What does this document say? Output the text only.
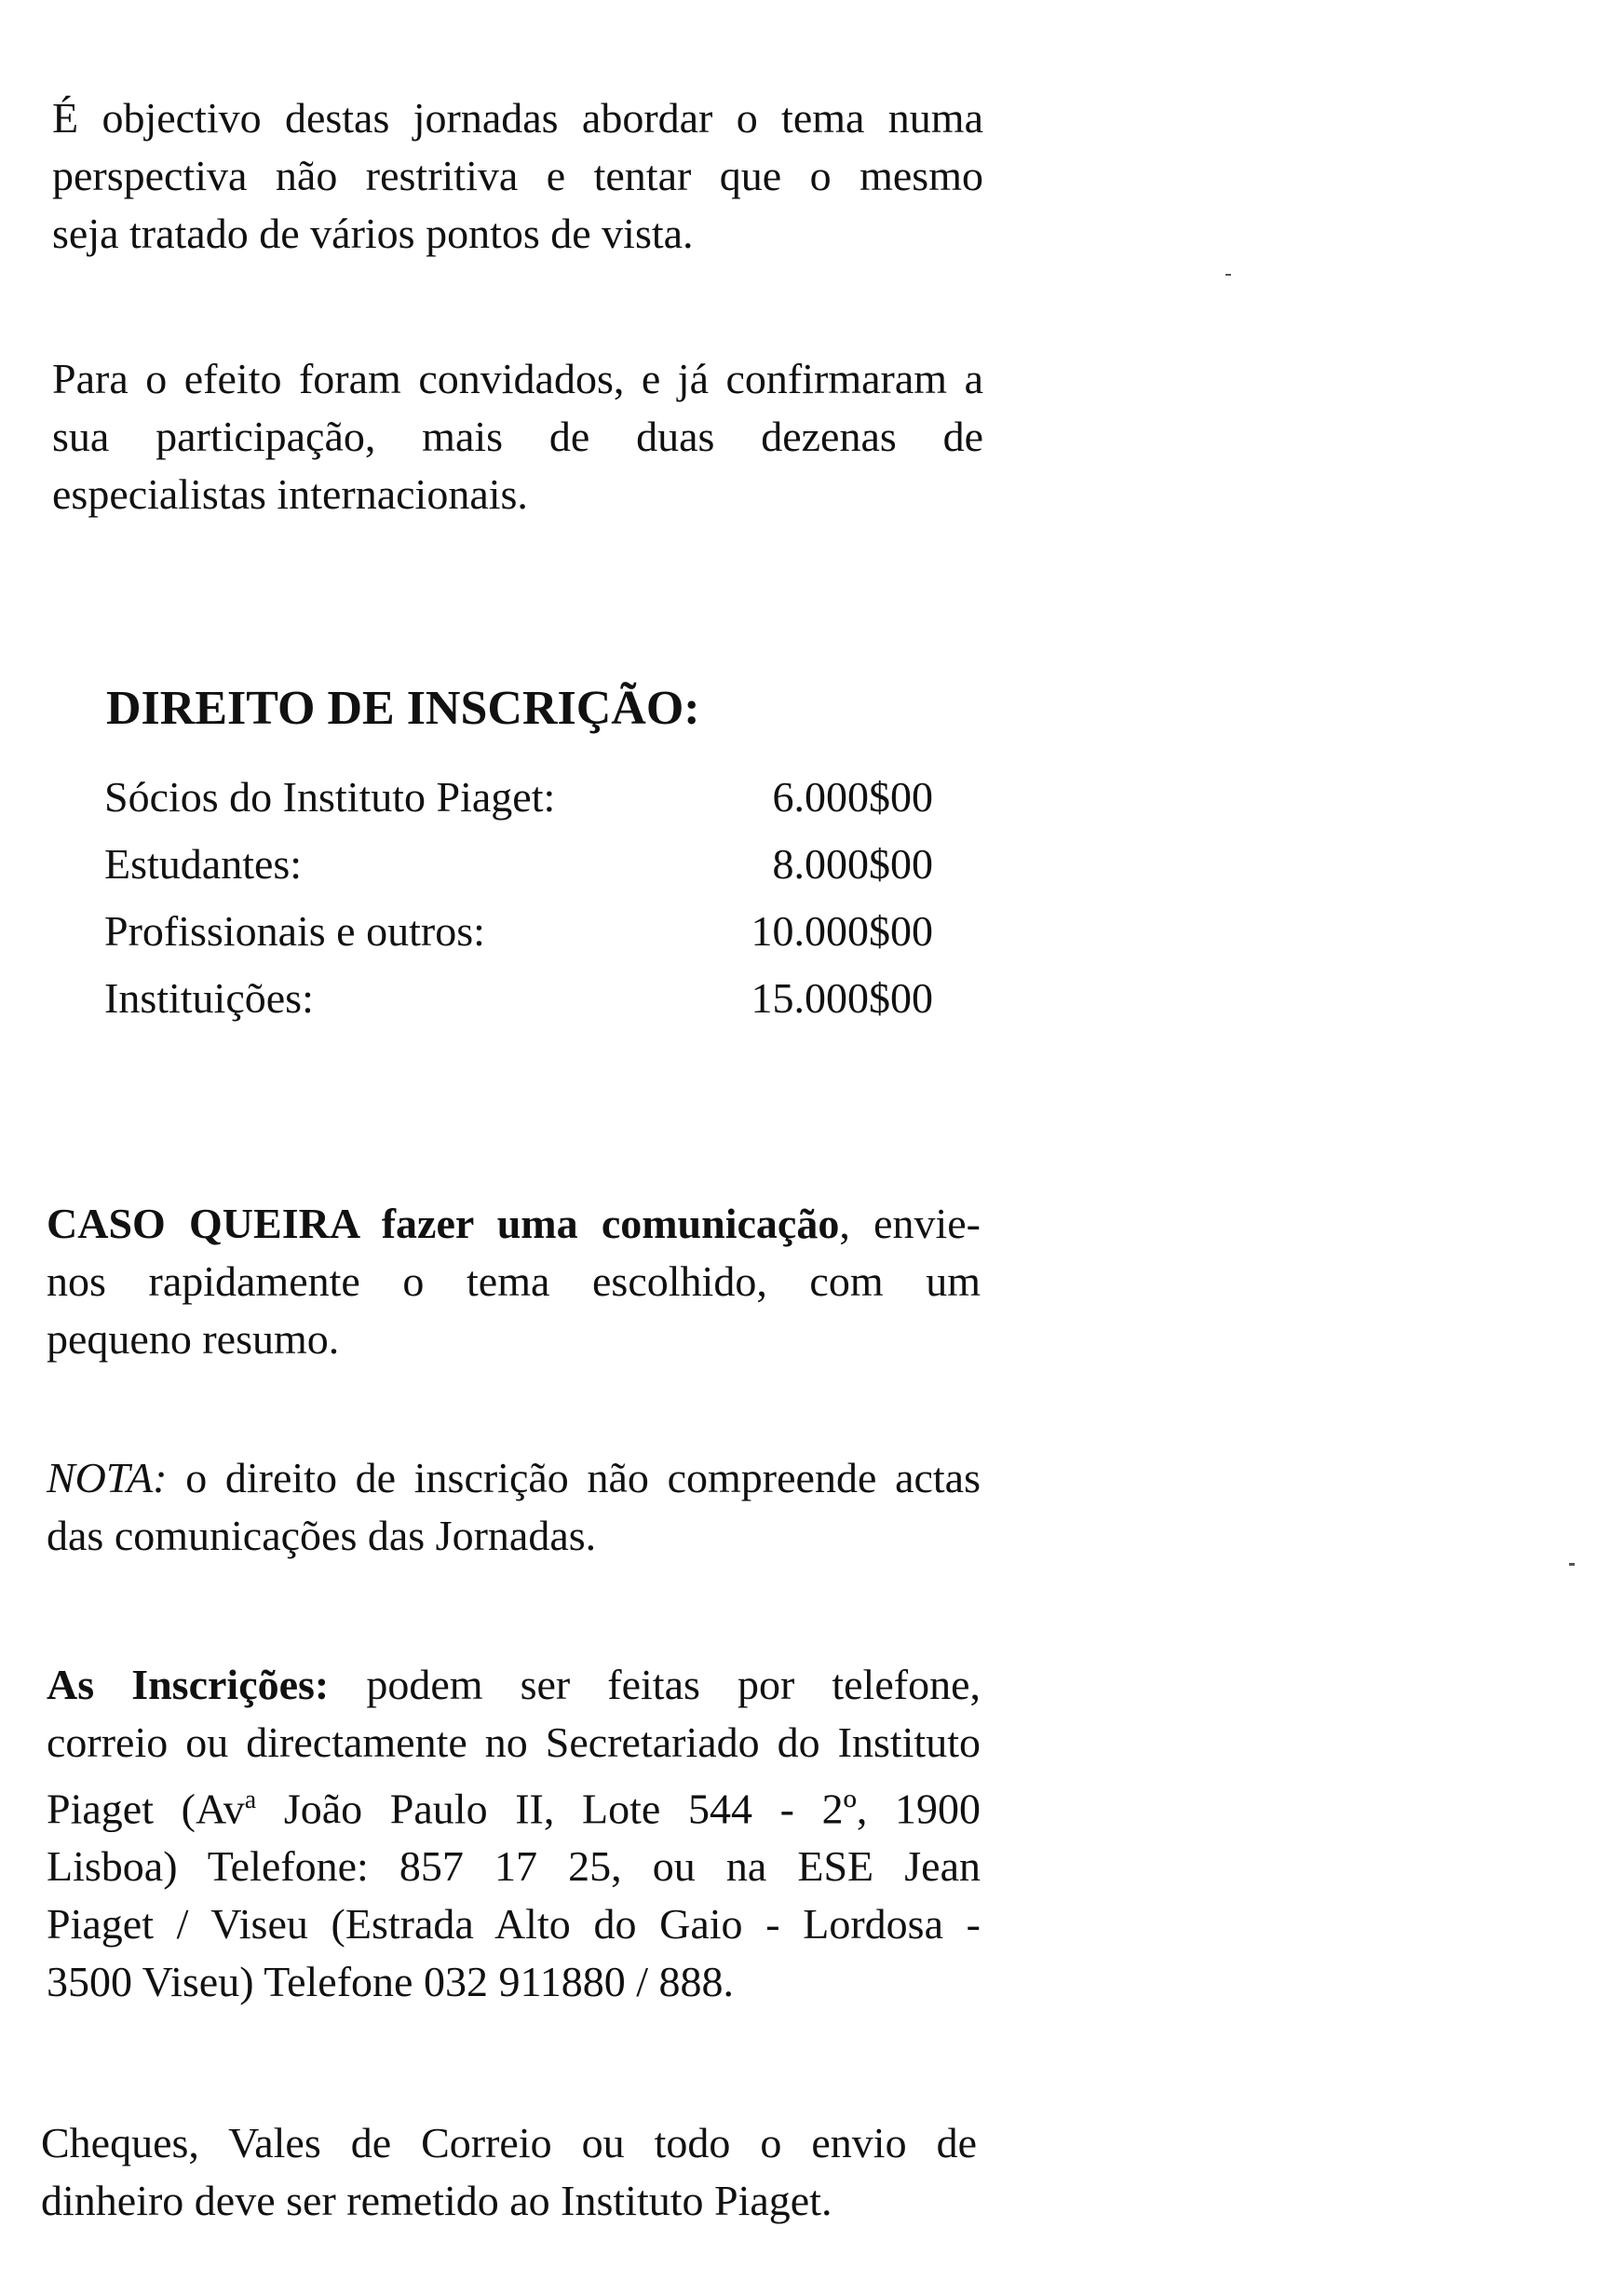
É objectivo destas jornadas abordar o tema numa
perspectiva não restritiva e tentar que o mesmo
seja tratado de vários pontos de vista.

Para o efeito foram convidados, e já confirmaram a
sua participação, mais de duas dezenas de
especialistas internacionais.

DIREITO DE INSCRIÇÃO:
Sócios do Instituto Piaget:	6.000$00
Estudantes:	8.000$00
Profissionais e outros:	10.000$00
Instituições:	15.000$00

CASO QUEIRA fazer uma comunicação, envie-
nos rapidamente o tema escolhido, com um
pequeno resumo.

NOTA: o direito de inscrição não compreende actas
das comunicações das Jornadas.

As Inscrições: podem ser feitas por telefone,
correio ou directamente no Secretariado do Instituto
Piaget (Av$^a$ João Paulo II, Lote 544 - 2º, 1900
Lisboa) Telefone: 857 17 25, ou na ESE Jean
Piaget / Viseu (Estrada Alto do Gaio - Lordosa -
3500 Viseu) Telefone 032 911880 / 888.

Cheques, Vales de Correio ou todo o envio de
dinheiro deve ser remetido ao Instituto Piaget.
